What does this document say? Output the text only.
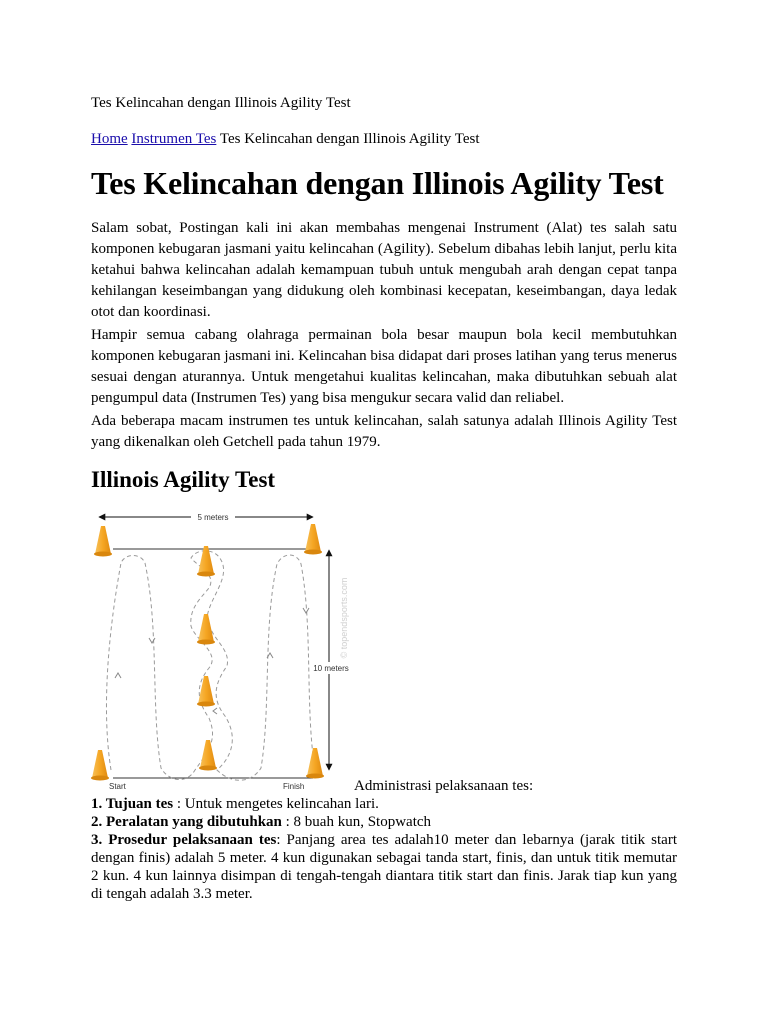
Tes Kelincahan dengan Illinois Agility Test
Home Instrumen Tes Tes Kelincahan dengan Illinois Agility Test
Tes Kelincahan dengan Illinois Agility Test

Salam sobat, Postingan kali ini akan membahas mengenai Instrument (Alat) tes salah satu komponen kebugaran jasmani yaitu kelincahan (Agility). Sebelum dibahas lebih lanjut, perlu kita ketahui bahwa kelincahan adalah kemampuan tubuh untuk mengubah arah dengan cepat tanpa kehilangan keseimbangan yang didukung oleh kombinasi kecepatan, keseimbangan, daya ledak otot dan koordinasi.

Hampir semua cabang olahraga permainan bola besar maupun bola kecil membutuhkan komponen kebugaran jasmani ini. Kelincahan bisa didapat dari proses latihan yang terus menerus sesuai dengan aturannya. Untuk mengetahui kualitas kelincahan, maka dibutuhkan sebuah alat pengumpul data (Instrumen Tes) yang bisa mengukur secara valid dan reliabel.

Ada beberapa macam instrumen tes untuk kelincahan, salah satunya adalah Illinois Agility Test yang dikenalkan oleh Getchell pada tahun 1979.

Illinois Agility Test
5 meters
10 meters
© topendsports.com
Start	Finish	Administrasi pelaksanaan tes:

1. Tujuan tes : Untuk mengetes kelincahan lari.

2. Peralatan yang dibutuhkan : 8 buah kun, Stopwatch

3. Prosedur pelaksanaan tes: Panjang area tes adalah10 meter dan lebarnya (jarak titik start dengan finis) adalah 5 meter. 4 kun digunakan sebagai tanda start, finis, dan untuk titik memutar 2 kun. 4 kun lainnya disimpan di tengah-tengah diantara titik start dan finis. Jarak tiap kun yang di tengah adalah 3.3 meter.
